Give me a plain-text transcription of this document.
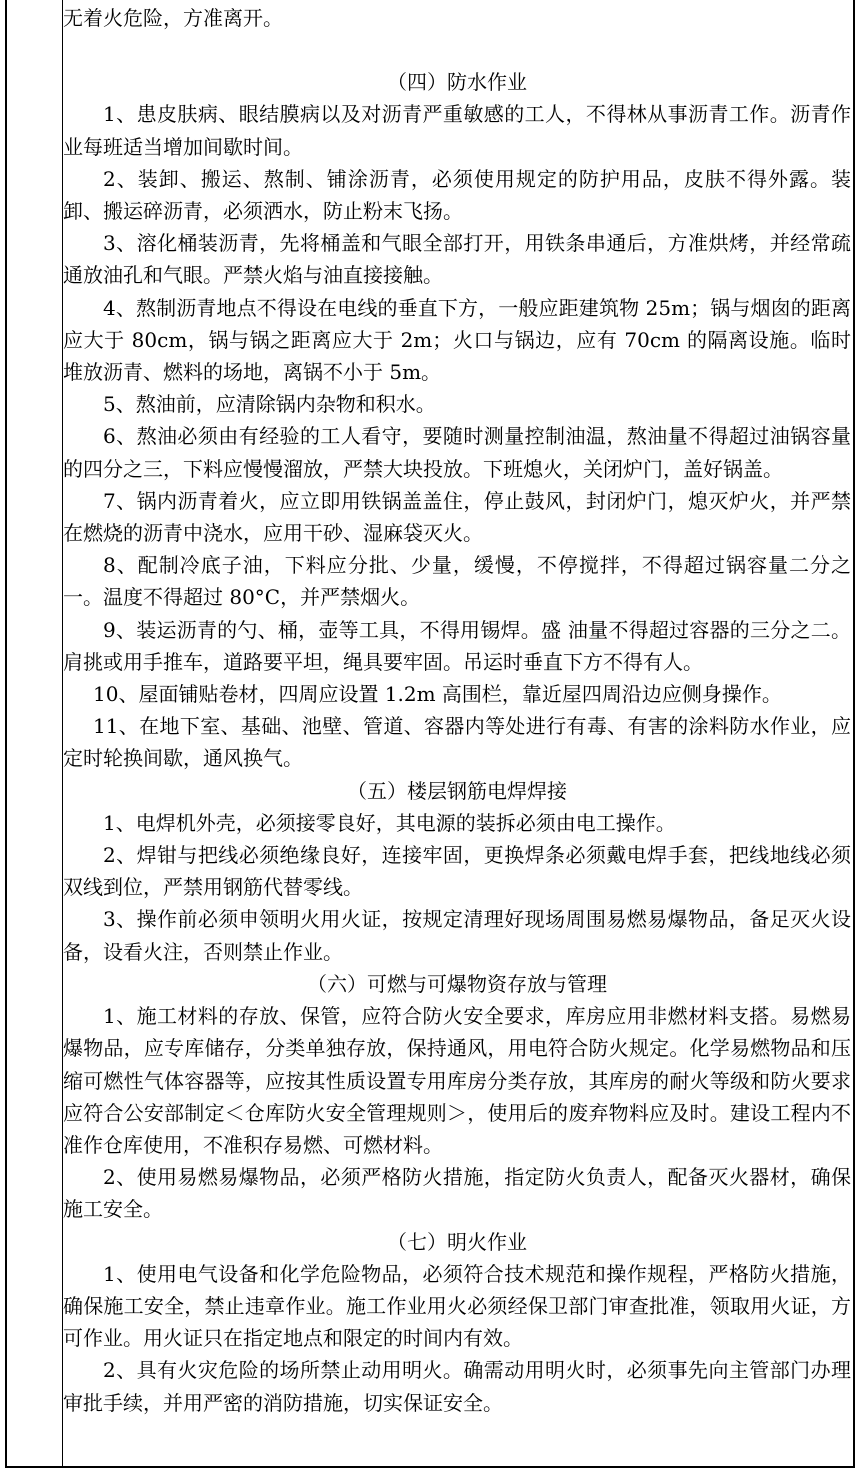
无着火危险，方准离开。

（四）防水作业

1、患皮肤病、眼结膜病以及对沥青严重敏感的工人，不得林从事沥青工作。沥青作业每班适当增加间歇时间。

2、装卸、搬运、熬制、铺涂沥青，必须使用规定的防护用品，皮肤不得外露。装卸、搬运碎沥青，必须洒水，防止粉末飞扬。

3、溶化桶装沥青，先将桶盖和气眼全部打开，用铁条串通后，方准烘烤，并经常疏通放油孔和气眼。严禁火焰与油直接接触。

4、熬制沥青地点不得设在电线的垂直下方，一般应距建筑物 25m；锅与烟囱的距离应大于 80cm，锅与锅之距离应大于 2m；火口与锅边，应有 70cm 的隔离设施。临时堆放沥青、燃料的场地，离锅不小于 5m。

5、熬油前，应清除锅内杂物和积水。

6、熬油必须由有经验的工人看守，要随时测量控制油温，熬油量不得超过油锅容量的四分之三，下料应慢慢溜放，严禁大块投放。下班熄火，关闭炉门，盖好锅盖。

7、锅内沥青着火，应立即用铁锅盖盖住，停止鼓风，封闭炉门，熄灭炉火，并严禁在燃烧的沥青中浇水，应用干砂、湿麻袋灭火。

8、配制冷底子油，下料应分批、少量，缓慢，不停搅拌，不得超过锅容量二分之一。温度不得超过 80°C，并严禁烟火。

9、装运沥青的勺、桶，壶等工具，不得用锡焊。盛 油量不得超过容器的三分之二。肩挑或用手推车，道路要平坦，绳具要牢固。吊运时垂直下方不得有人。

10、屋面铺贴卷材，四周应设置 1.2m 高围栏，靠近屋四周沿边应侧身操作。

11、在地下室、基础、池壁、管道、容器内等处进行有毒、有害的涂料防水作业，应定时轮换间歇，通风换气。

（五）楼层钢筋电焊焊接

1、电焊机外壳，必须接零良好，其电源的装拆必须由电工操作。

2、焊钳与把线必须绝缘良好，连接牢固，更换焊条必须戴电焊手套，把线地线必须双线到位，严禁用钢筋代替零线。

3、操作前必须申领明火用火证，按规定清理好现场周围易燃易爆物品，备足灭火设备，设看火注，否则禁止作业。

（六）可燃与可爆物资存放与管理

1、施工材料的存放、保管，应符合防火安全要求，库房应用非燃材料支搭。易燃易爆物品，应专库储存，分类单独存放，保持通风，用电符合防火规定。化学易燃物品和压缩可燃性气体容器等，应按其性质设置专用库房分类存放，其库房的耐火等级和防火要求应符合公安部制定＜仓库防火安全管理规则＞，使用后的废弃物料应及时。建设工程内不准作仓库使用，不准积存易燃、可燃材料。

2、使用易燃易爆物品，必须严格防火措施，指定防火负责人，配备灭火器材，确保施工安全。

（七）明火作业

1、使用电气设备和化学危险物品，必须符合技术规范和操作规程，严格防火措施，确保施工安全，禁止违章作业。施工作业用火必须经保卫部门审查批准，领取用火证，方可作业。用火证只在指定地点和限定的时间内有效。

2、具有火灾危险的场所禁止动用明火。确需动用明火时，必须事先向主管部门办理审批手续，并用严密的消防措施，切实保证安全。
